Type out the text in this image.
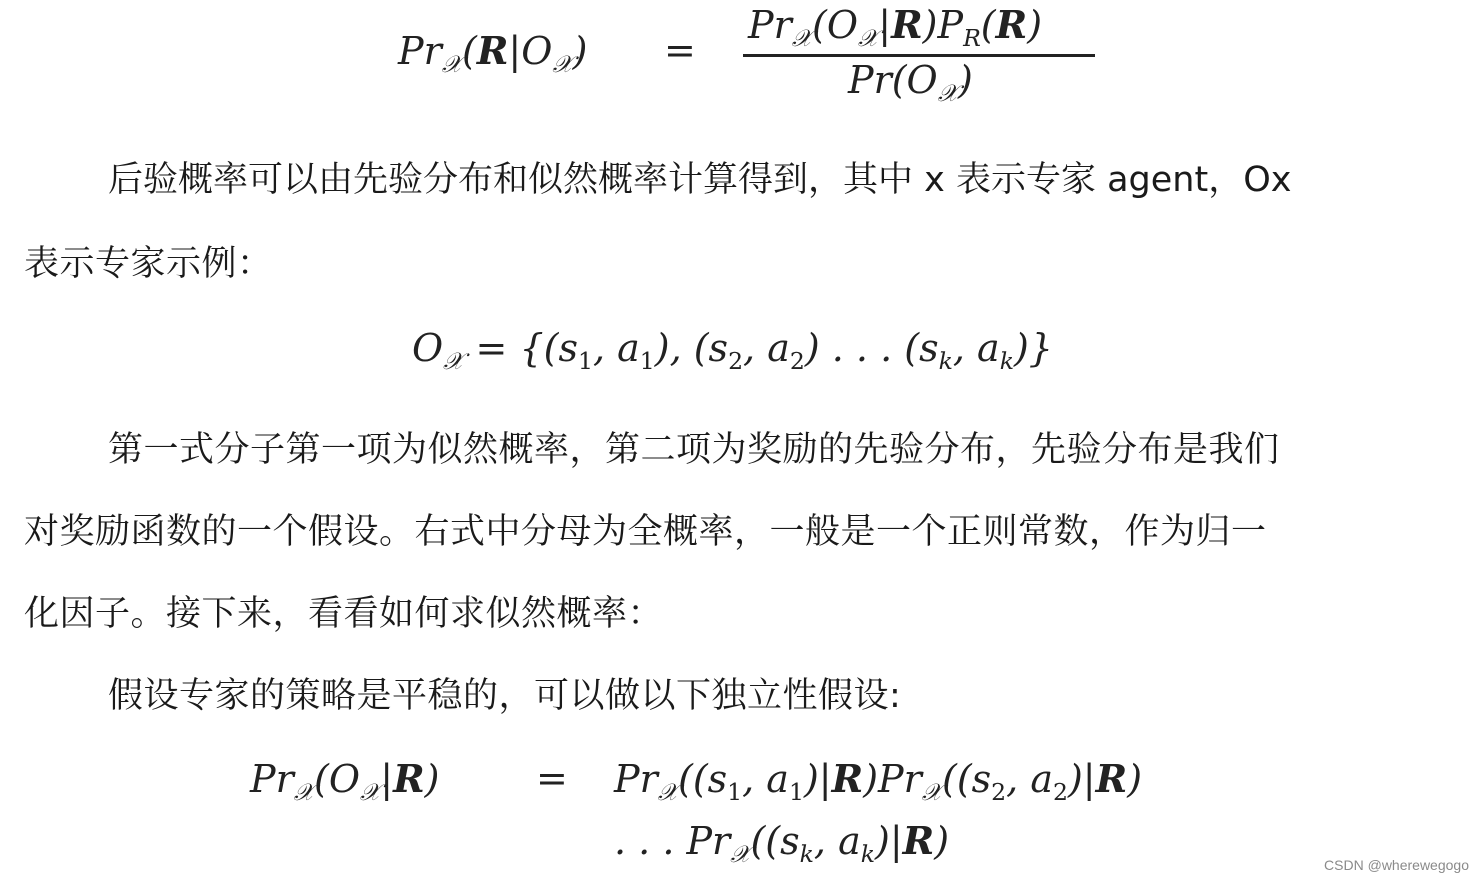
$Pr_𝒳(R|O_𝒳)$ =
$Pr_𝒳(O_𝒳|R)P_R(R)$
$Pr(O_𝒳)$
后验概率可以由先验分布和似然概率计算得到，其中 x 表示专家 agent，Ox
表示专家示例：
$O_𝒳 = \{(s_1$, $a_1$), ($s_2$, $a_2$) . . . ($s_k$, $a_k$)}
第一式分子第一项为似然概率，第二项为奖励的先验分布，先验分布是我们
对奖励函数的一个假设。右式中分母为全概率，一般是一个正则常数，作为归一
化因子。接下来，看看如何求似然概率：
假设专家的策略是平稳的，可以做以下独立性假设:
$Pr_𝒳(O_𝒳|R)$	= $Pr_𝒳((s_1$, $a_1)|R)Pr_𝒳((s_2$, $a_2)|R$)
. . . $Pr_𝒳((s_k$, $a_k)|R$)
CSDN @wherewegogo
